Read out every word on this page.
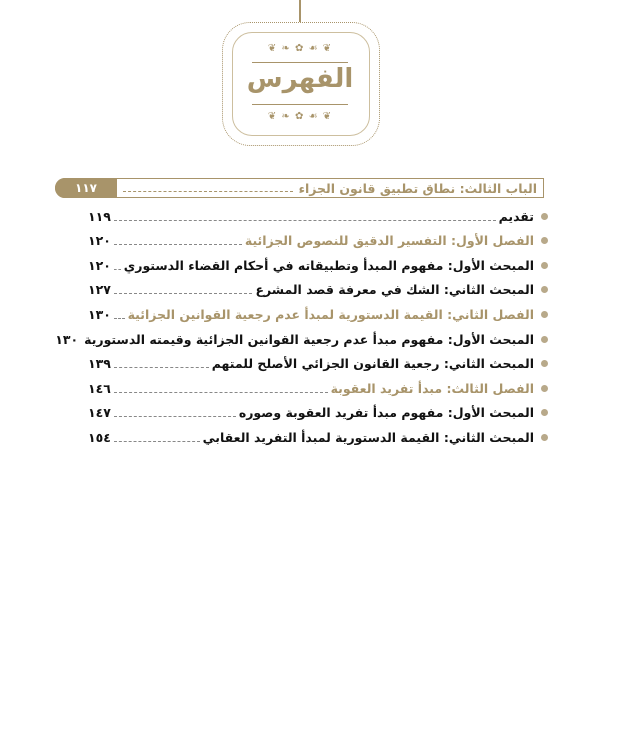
❦ ❧ ✿ ☙ ❦
الفهرس
❦ ❧ ✿ ☙ ❦
الباب الثالث: نطاق تطبيق قانون الجزاء
١١٧
تقديم
١١٩
الفصل الأول: التفسير الدقيق للنصوص الجزائية
١٢٠
المبحث الأول: مفهوم المبدأ وتطبيقاته في أحكام القضاء الدستوري
١٢٠
المبحث الثاني: الشك في معرفة قصد المشرع
١٢٧
الفصل الثاني: القيمة الدستورية لمبدأ عدم رجعية القوانين الجزائية
١٣٠
المبحث الأول: مفهوم مبدأ عدم رجعية القوانين الجزائية وقيمته الدستورية
١٣٠
المبحث الثاني: رجعية القانون الجزائي الأصلح للمتهم
١٣٩
الفصل الثالث: مبدأ تفريد العقوبة
١٤٦
المبحث الأول: مفهوم مبدأ تفريد العقوبة وصوره
١٤٧
المبحث الثاني: القيمة الدستورية لمبدأ التفريد العقابي
١٥٤
